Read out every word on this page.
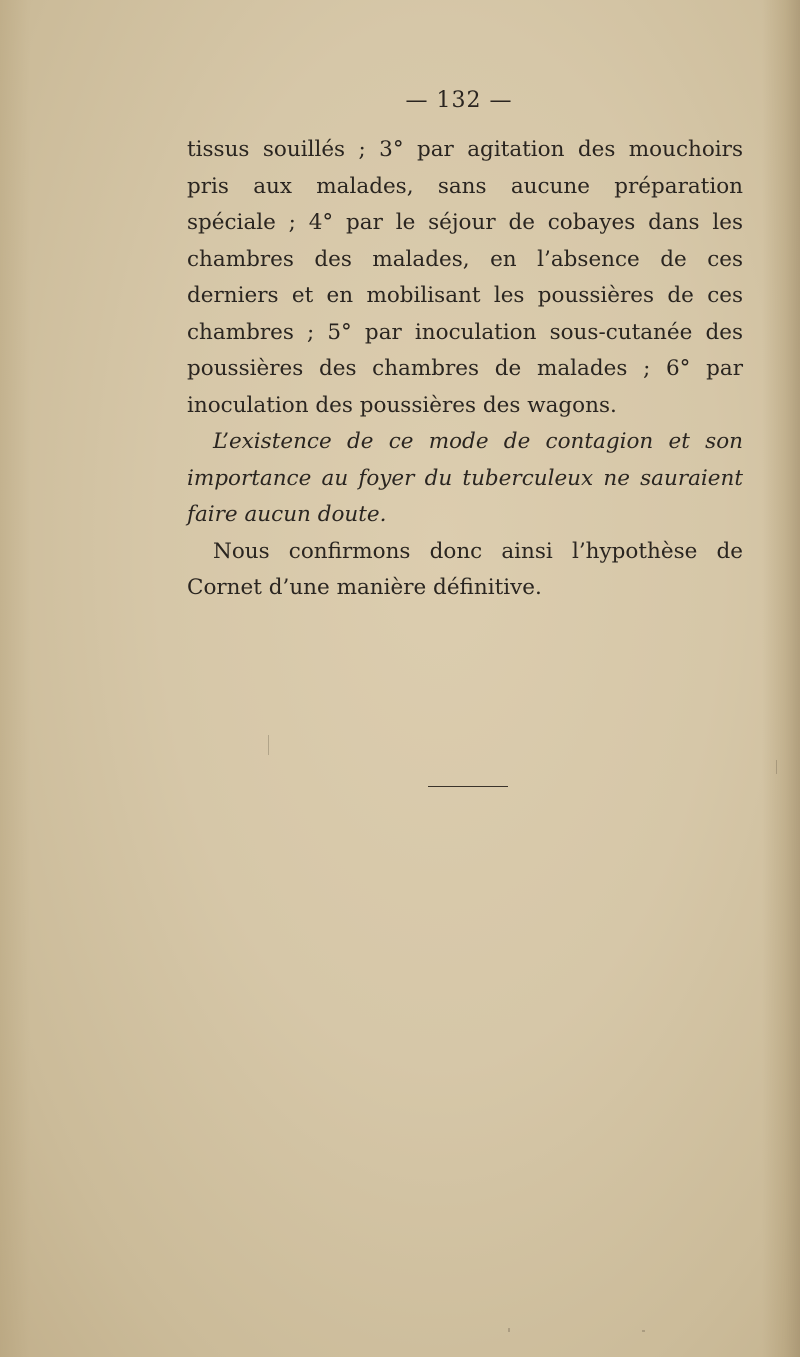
— 132 —

tissus souillés ; 3° par agitation des mouchoirs pris aux malades, sans aucune préparation spéciale ; 4° par le séjour de cobayes dans les chambres des malades, en l’absence de ces derniers et en mobilisant les poussières de ces chambres ; 5° par inoculation sous-cutanée des poussières des chambres de malades ; 6° par inoculation des poussières des wagons.

L’existence de ce mode de contagion et son importance au foyer du tuberculeux ne sauraient faire aucun doute.

Nous confirmons donc ainsi l’hypothèse de Cornet d’une manière définitive.
